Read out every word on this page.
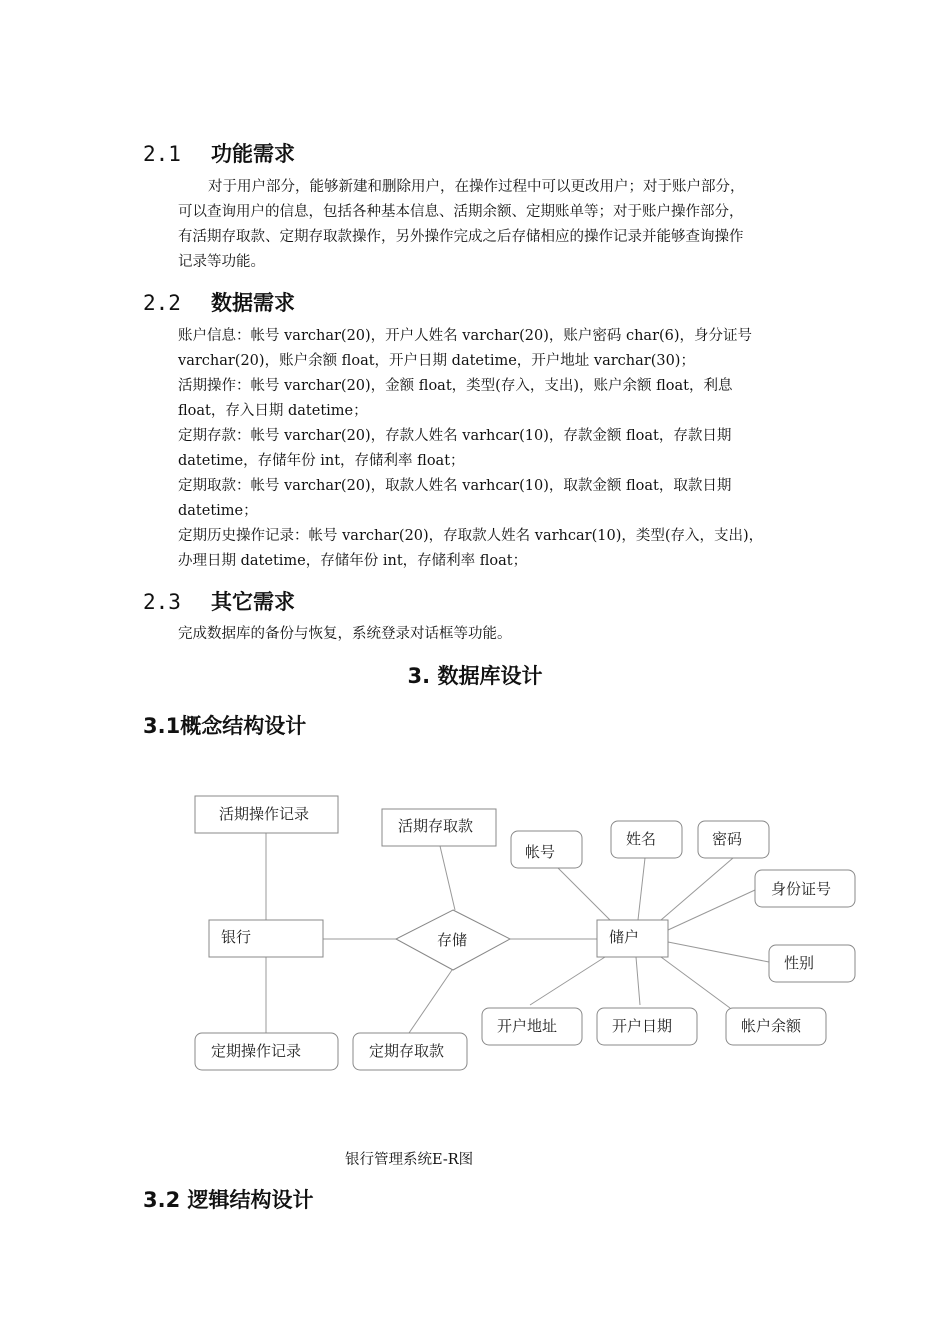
2.1 功能需求
对于用户部分，能够新建和删除用户，在操作过程中可以更改用户；对于账户部分，
可以查询用户的信息，包括各种基本信息、活期余额、定期账单等；对于账户操作部分，
有活期存取款、定期存取款操作，另外操作完成之后存储相应的操作记录并能够查询操作
记录等功能。
2.2 数据需求
账户信息：帐号 varchar(20)，开户人姓名 varchar(20)，账户密码 char(6)，身分证号
varchar(20)，账户余额 float，开户日期 datetime，开户地址 varchar(30)；
活期操作：帐号 varchar(20)，金额 float，类型(存入，支出)，账户余额 float，利息
float，存入日期 datetime；
定期存款：帐号 varchar(20)，存款人姓名 varhcar(10)，存款金额 float，存款日期
datetime，存储年份 int，存储利率 float；
定期取款：帐号 varchar(20)，取款人姓名 varhcar(10)，取款金额 float，取款日期
datetime；
定期历史操作记录：帐号 varchar(20)，存取款人姓名 varhcar(10)，类型(存入，支出)，
办理日期 datetime，存储年份 int，存储利率 float；
2.3 其它需求
完成数据库的备份与恢复，系统登录对话框等功能。
3. 数据库设计
3.1概念结构设计
活期操作记录
银行
定期操作记录
活期存取款
存储
定期存取款
储户
帐号
姓名	密码
身份证号
性别
开户地址	开户日期	帐户余额

银行管理系统E-R图

3.2 逻辑结构设计
